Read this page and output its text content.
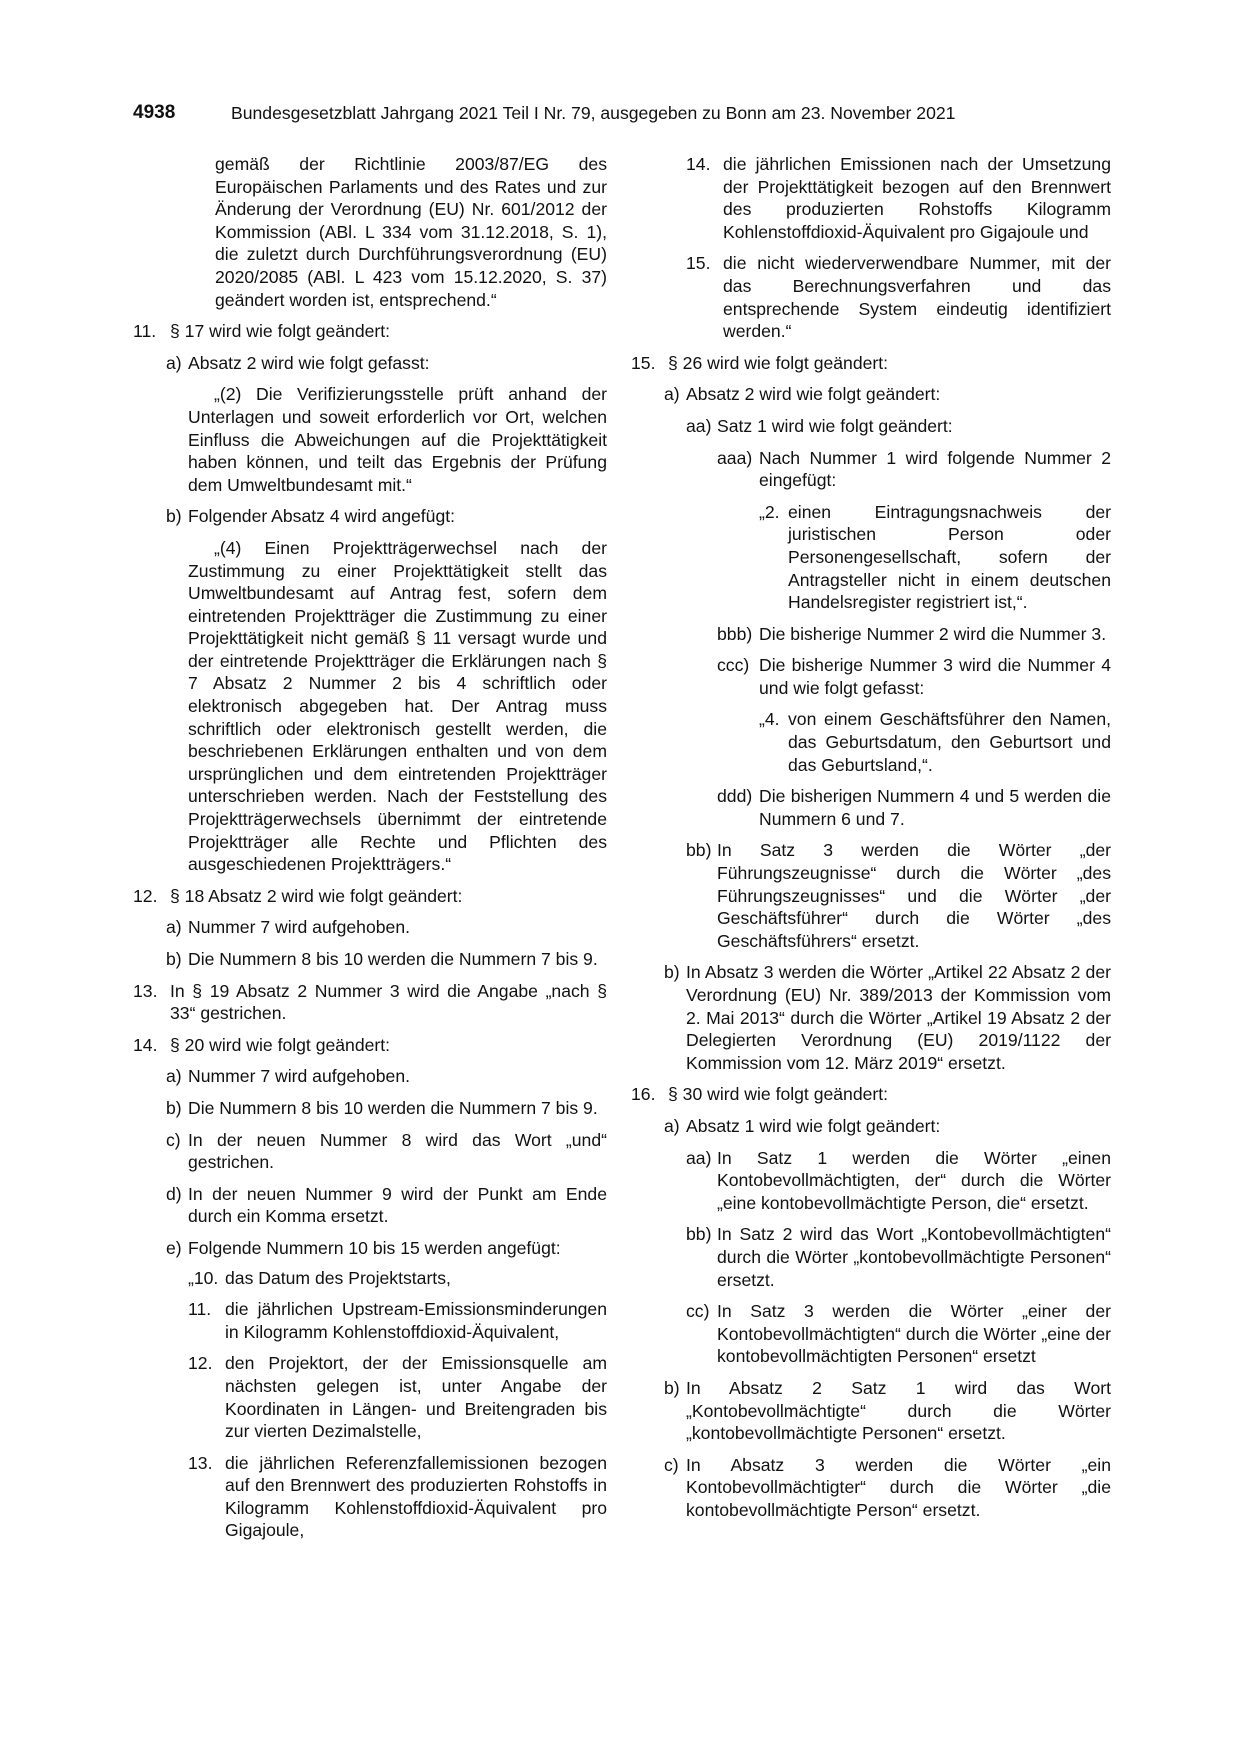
4938	Bundesgesetzblatt Jahrgang 2021 Teil I Nr. 79, ausgegeben zu Bonn am 23. November 2021
gemäß der Richtlinie 2003/87/EG des Europäischen Parlaments und des Rates und zur Änderung der Verordnung (EU) Nr. 601/2012 der Kommission (ABl. L 334 vom 31.12.2018, S. 1), die zuletzt durch Durchführungsverordnung (EU) 2020/2085 (ABl. L 423 vom 15.12.2020, S. 37) geändert worden ist, entsprechend.“
11. § 17 wird wie folgt geändert:
a) Absatz 2 wird wie folgt gefasst:
„(2) Die Verifizierungsstelle prüft anhand der Unterlagen und soweit erforderlich vor Ort, welchen Einfluss die Abweichungen auf die Projekttätigkeit haben können, und teilt das Ergebnis der Prüfung dem Umweltbundesamt mit.“
b) Folgender Absatz 4 wird angefügt:
„(4) Einen Projektträgerwechsel nach der Zustimmung zu einer Projekttätigkeit stellt das Umweltbundesamt auf Antrag fest, sofern dem eintretenden Projektträger die Zustimmung zu einer Projekttätigkeit nicht gemäß § 11 versagt wurde und der eintretende Projektträger die Erklärungen nach § 7 Absatz 2 Nummer 2 bis 4 schriftlich oder elektronisch abgegeben hat. Der Antrag muss schriftlich oder elektronisch gestellt werden, die beschriebenen Erklärungen enthalten und von dem ursprünglichen und dem eintretenden Projektträger unterschrieben werden. Nach der Feststellung des Projektträgerwechsels übernimmt der eintretende Projektträger alle Rechte und Pflichten des ausgeschiedenen Projektträgers.“
12. § 18 Absatz 2 wird wie folgt geändert:
a) Nummer 7 wird aufgehoben.
b) Die Nummern 8 bis 10 werden die Nummern 7 bis 9.
13. In § 19 Absatz 2 Nummer 3 wird die Angabe „nach § 33“ gestrichen.
14. § 20 wird wie folgt geändert:
a) Nummer 7 wird aufgehoben.
b) Die Nummern 8 bis 10 werden die Nummern 7 bis 9.
c) In der neuen Nummer 8 wird das Wort „und“ gestrichen.
d) In der neuen Nummer 9 wird der Punkt am Ende durch ein Komma ersetzt.
e) Folgende Nummern 10 bis 15 werden angefügt:
„10. das Datum des Projektstarts,
11. die jährlichen Upstream-Emissionsminderungen in Kilogramm Kohlenstoffdioxid-Äquivalent,
12. den Projektort, der der Emissionsquelle am nächsten gelegen ist, unter Angabe der Koordinaten in Längen- und Breitengraden bis zur vierten Dezimalstelle,
13. die jährlichen Referenzfallemissionen bezogen auf den Brennwert des produzierten Rohstoffs in Kilogramm Kohlenstoffdioxid-Äquivalent pro Gigajoule,
14. die jährlichen Emissionen nach der Umsetzung der Projekttätigkeit bezogen auf den Brennwert des produzierten Rohstoffs Kilogramm Kohlenstoffdioxid-Äquivalent pro Gigajoule und
15. die nicht wiederverwendbare Nummer, mit der das Berechnungsverfahren und das entsprechende System eindeutig identifiziert werden.“
15. § 26 wird wie folgt geändert:
a) Absatz 2 wird wie folgt geändert:
aa) Satz 1 wird wie folgt geändert:
aaa) Nach Nummer 1 wird folgende Nummer 2 eingefügt:
„2. einen Eintragungsnachweis der juristischen Person oder Personengesellschaft, sofern der Antragsteller nicht in einem deutschen Handelsregister registriert ist,“.
bbb) Die bisherige Nummer 2 wird die Nummer 3.
ccc) Die bisherige Nummer 3 wird die Nummer 4 und wie folgt gefasst:
„4. von einem Geschäftsführer den Namen, das Geburtsdatum, den Geburtsort und das Geburtsland,“.
ddd) Die bisherigen Nummern 4 und 5 werden die Nummern 6 und 7.
bb) In Satz 3 werden die Wörter „der Führungszeugnisse“ durch die Wörter „des Führungszeugnisses“ und die Wörter „der Geschäftsführer“ durch die Wörter „des Geschäftsführers“ ersetzt.
b) In Absatz 3 werden die Wörter „Artikel 22 Absatz 2 der Verordnung (EU) Nr. 389/2013 der Kommission vom 2. Mai 2013“ durch die Wörter „Artikel 19 Absatz 2 der Delegierten Verordnung (EU) 2019/1122 der Kommission vom 12. März 2019“ ersetzt.
16. § 30 wird wie folgt geändert:
a) Absatz 1 wird wie folgt geändert:
aa) In Satz 1 werden die Wörter „einen Kontobevollmächtigten, der“ durch die Wörter „eine kontobevollmächtigte Person, die“ ersetzt.
bb) In Satz 2 wird das Wort „Kontobevollmächtigten“ durch die Wörter „kontobevollmächtigte Personen“ ersetzt.
cc) In Satz 3 werden die Wörter „einer der Kontobevollmächtigten“ durch die Wörter „eine der kontobevollmächtigten Personen“ ersetzt
b) In Absatz 2 Satz 1 wird das Wort „Kontobevollmächtigte“ durch die Wörter „kontobevollmächtigte Personen“ ersetzt.
c) In Absatz 3 werden die Wörter „ein Kontobevollmächtigter“ durch die Wörter „die kontobevollmächtigte Person“ ersetzt.
